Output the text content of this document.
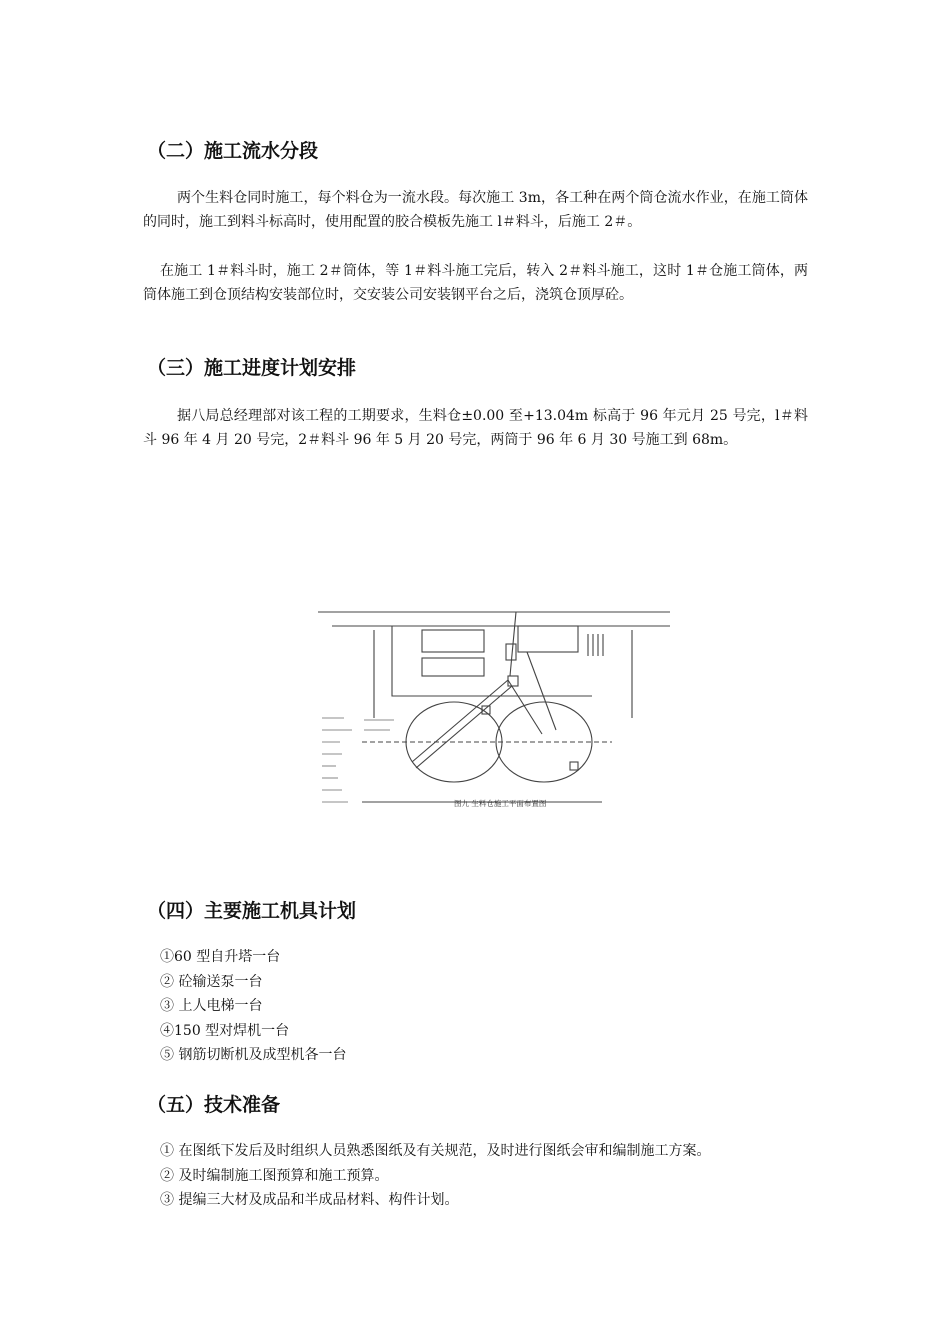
（二）施工流水分段

两个生料仓同时施工，每个料仓为一流水段。每次施工 3m，各工种在两个筒仓流水作业，在施工筒体的同时，施工到料斗标高时，使用配置的胶合模板先施工 l＃料斗，后施工 2＃。

在施工 1＃料斗时，施工 2＃筒体，等 1＃料斗施工完后，转入 2＃料斗施工，这时 1＃仓施工筒体，两筒体施工到仓顶结构安装部位时，交安装公司安装钢平台之后，浇筑仓顶厚砼。

（三）施工进度计划安排

据八局总经理部对该工程的工期要求，生料仓±0.00 至+13.04m 标高于 96 年元月 25 号完，l＃料斗 96 年 4 月 20 号完，2＃料斗 96 年 5 月 20 号完，两筒于 96 年 6 月 30 号施工到 68m。

图九 生料仓施工平面布置图
（四）主要施工机具计划
①60 型自升塔一台
② 砼输送泵一台
③ 上人电梯一台
④150 型对焊机一台
⑤ 钢筋切断机及成型机各一台
（五）技术准备
① 在图纸下发后及时组织人员熟悉图纸及有关规范，及时进行图纸会审和编制施工方案。
② 及时编制施工图预算和施工预算。
③ 提编三大材及成品和半成品材料、构件计划。
